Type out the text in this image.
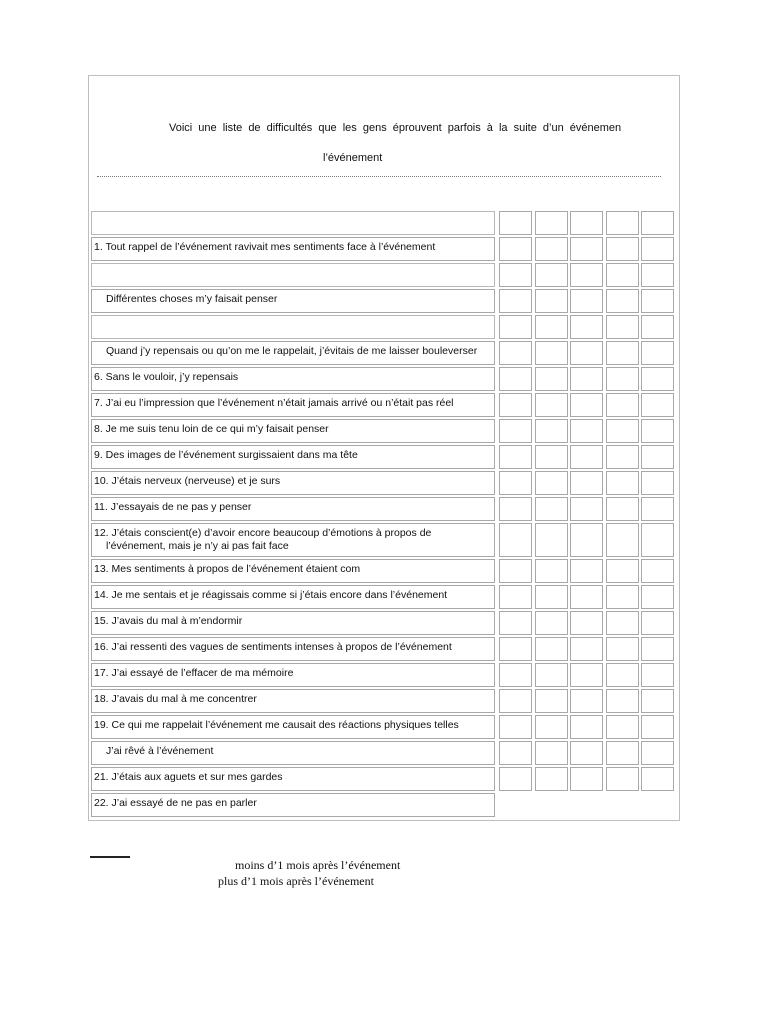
Voici une liste de difficultés que les gens éprouvent parfois à la suite d’un événemen
l’événement
1. Tout rappel de l’événement ravivait mes sentiments face à l’événement
Différentes choses m’y faisait penser
Quand j’y repensais ou qu’on me le rappelait, j’évitais de me laisser bouleverser
6. Sans le vouloir, j’y repensais
7. J’ai eu l’impression que l’événement n’était jamais arrivé ou n’était pas réel
8. Je me suis tenu loin de ce qui m’y faisait penser
9. Des images de l’événement surgissaient dans ma tête
10. J’étais nerveux (nerveuse) et je surs
11. J’essayais de ne pas y penser
12. J’étais conscient(e) d’avoir encore beaucoup d’émotions à propos de
l’événement, mais je n’y ai pas fait face
13. Mes sentiments à propos de l’événement étaient com
14. Je me sentais et je réagissais comme si j’étais encore dans l’événement
15. J’avais du mal à m’endormir
16. J’ai ressenti des vagues de sentiments intenses à propos de l’événement
17. J’ai essayé de l’effacer de ma mémoire
18. J’avais du mal à me concentrer
19. Ce qui me rappelait l’événement me causait des réactions physiques telles
J’ai rêvé à l’événement
21. J’étais aux aguets et sur mes gardes
22. J’ai essayé de ne pas en parler
moins d’1 mois après l’événement
plus d’1 mois après l’événement
